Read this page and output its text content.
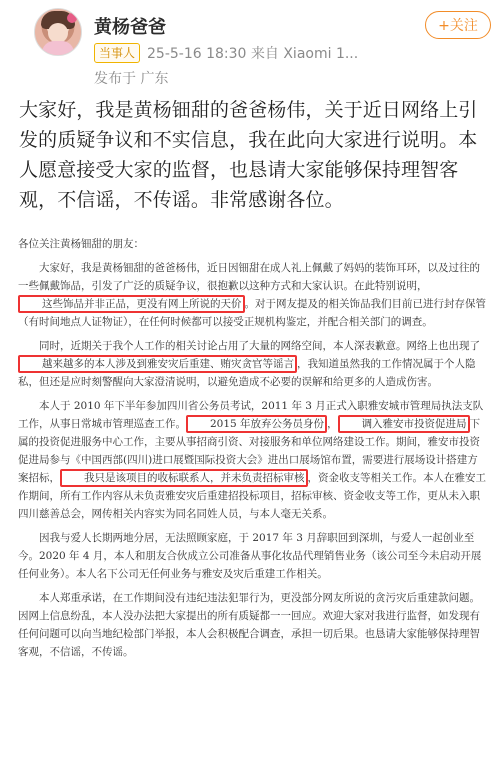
黄杨爸爸
当事人 25-5-16 18:30 来自 Xiaomi 1...
发布于 广东
+关注
大家好，我是黄杨钿甜的爸爸杨伟，关于近日网络上引发的质疑争议和不实信息，我在此向大家进行说明。本人愿意接受大家的监督，也恳请大家能够保持理智客观，不信谣，不传谣。非常感谢各位。

各位关注黄杨钿甜的朋友：

大家好，我是黄杨钿甜的爸爸杨伟，近日因钿甜在成人礼上佩戴了妈妈的装饰耳环，以及过往的一些佩戴饰品，引发了广泛的质疑争议，很抱歉以这种方式和大家认识。在此特别说明，这些饰品并非正品，更没有网上所说的天价 。对于网友提及的相关饰品我们目前已进行封存保管（有时间地点人证物证），在任何时候都可以接受正规机构鉴定，并配合相关部门的调查。

同时，近期关于我个人工作的相关讨论占用了大量的网络空间，本人深表歉意。网络上也出现了越来越多的本人涉及到雅安灾后重建、贿灾贪官等谣言 ，我知道虽然我的工作情况属于个人隐私，但还是应时刻警醒向大家澄清说明，以避免造成不必要的误解和给更多的人造成伤害。

本人于 2010 年下半年参加四川省公务员考试，2011 年 3 月正式入职雅安城市管理局执法支队工作，从事日常城市管理巡查工作。 2015 年放弃公务员身份 ， 调入雅安市投资促进局 下属的投资促进服务中心工作，主要从事招商引资、对接服务和单位网络建设工作。期间，雅安市投资促进局参与《中国西部(四川)进口展暨国际投资大会》进出口展场馆布置，需要进行展场设计搭建方案招标， 我只是该项目的收标联系人，并未负责招标审核 ，资金收支等相关工作。本人在雅安工作期间，所有工作内容从未负责雅安灾后重建招投标项目，招标审核、资金收支等工作，更从未入职四川慈善总会，网传相关内容实为同名同姓人员，与本人毫无关系。

因我与爱人长期两地分居，无法照顾家庭，于 2017 年 3 月辞职回到深圳，与爱人一起创业至今。2020 年 4 月，本人和朋友合伙成立公司准备从事化妆品代理销售业务（该公司至今未启动开展任何业务）。本人名下公司无任何业务与雅安及灾后重建工作相关。

本人郑重承诺，在工作期间没有违纪违法犯罪行为，更没部分网友所说的贪污灾后重建款问题。因网上信息纷乱，本人没办法把大家提出的所有质疑都一一回应。欢迎大家对我进行监督，如发现有任何问题可以向当地纪检部门举报，本人会积极配合调查，承担一切后果。也恳请大家能够保持理智客观，不信谣，不传谣。
